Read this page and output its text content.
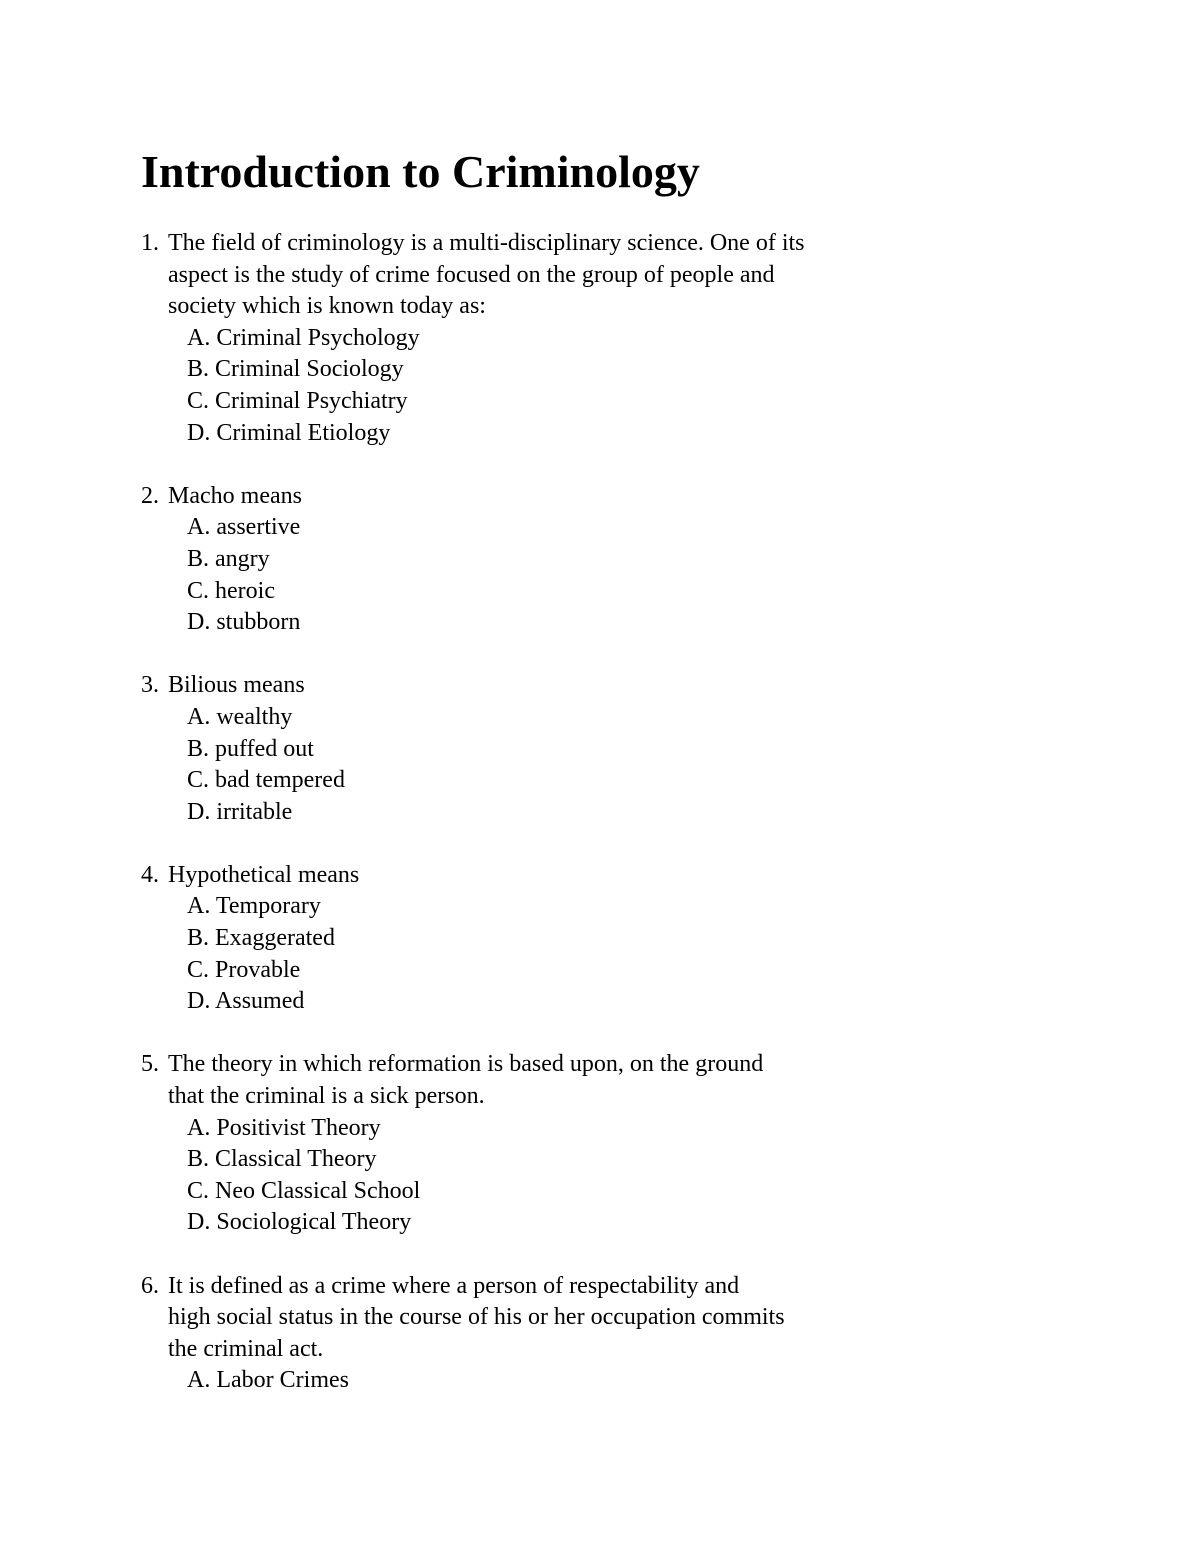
Introduction to Criminology
1. The field of criminology is a multi-disciplinary science. One of its
aspect is the study of crime focused on the group of people and
society which is known today as:
A. Criminal Psychology
B. Criminal Sociology
C. Criminal Psychiatry
D. Criminal Etiology
2. Macho means
A. assertive
B. angry
C. heroic
D. stubborn
3. Bilious means
A. wealthy
B. puffed out
C. bad tempered
D. irritable
4. Hypothetical means
A. Temporary
B. Exaggerated
C. Provable
D. Assumed
5. The theory in which reformation is based upon, on the ground
that the criminal is a sick person.
A. Positivist Theory
B. Classical Theory
C. Neo Classical School
D. Sociological Theory
6. It is defined as a crime where a person of respectability and
high social status in the course of his or her occupation commits
the criminal act.
A. Labor Crimes
